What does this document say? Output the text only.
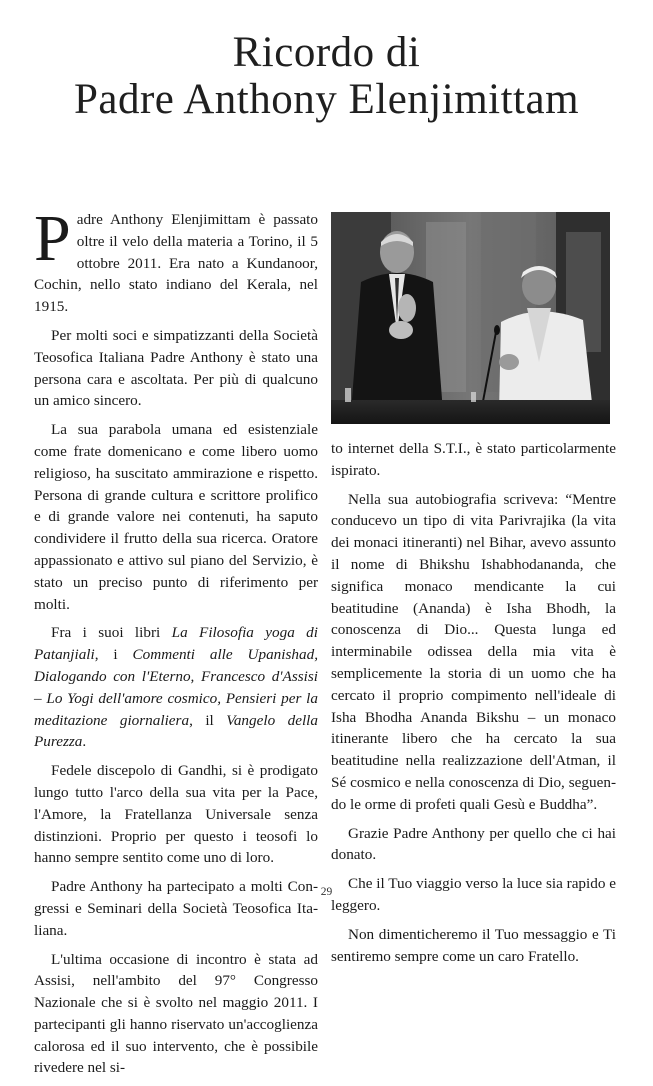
Ricordo di
Padre Anthony Elenjimittam

Padre Anthony Elenjimittam è passato oltre il velo della materia a Torino, il 5 ottobre 2011. Era nato a Kundanoor, Cochin, nello stato indiano del Kerala, nel 1915.

Per molti soci e simpatizzanti della Società Teosofica Italiana Padre Anthony è stato una persona cara e ascoltata. Per più di qualcuno un amico sincero.

La sua parabola umana ed esistenziale come frate domenicano e come libero uomo religioso, ha suscitato ammirazione e rispetto. Persona di grande cultura e scrittore prolifico e di grande valore nei contenuti, ha saputo condividere il frutto della sua ricerca. Oratore appassionato e attivo sul piano del Servizio, è stato un preciso punto di riferimento per molti.

Fra i suoi libri La Filosofia yoga di Patanjiali, i Commenti alle Upanishad, Dialogando con l'Eterno, Francesco d'Assisi – Lo Yogi dell'amore cosmico, Pensieri per la meditazione giornaliera, il Vangelo della Purezza.

Fedele discepolo di Gandhi, si è prodigato lungo tutto l'arco della sua vita per la Pace, l'Amore, la Fratellanza Universale senza distinzioni. Proprio per questo i teosofi lo hanno sempre sentito come uno di loro.

Padre Anthony ha partecipato a molti Congressi e Seminari della Società Teosofica Italiana.

L'ultima occasione di incontro è stata ad Assisi, nell'ambito del 97° Congresso Nazionale che si è svolto nel maggio 2011. I partecipanti gli hanno riservato un'accoglienza calorosa ed il suo intervento, che è possibile rivedere nel si-

to internet della S.T.I., è stato particolarmente ispirato.

Nella sua autobiografia scriveva: “Mentre conducevo un tipo di vita Parivrajika (la vita dei monaci itineranti) nel Bihar, avevo assunto il nome di Bhikshu Ishabhodananda, che significa monaco mendicante la cui beatitudine (Ananda) è Isha Bhodh, la conoscenza di Dio... Questa lunga ed interminabile odissea della mia vita è semplicemente la storia di un uomo che ha cercato il proprio compimento nell'ideale di Isha Bhodha Ananda Bikshu – un monaco itinerante libero che ha cercato la sua beatitudine nella realizzazione dell'Atman, il Sé cosmico e nella conoscenza di Dio, seguendo le orme di profeti quali Gesù e Buddha”.

Grazie Padre Anthony per quello che ci hai donato.

Che il Tuo viaggio verso la luce sia rapido e leggero.

Non dimenticheremo il Tuo messaggio e Ti sentiremo sempre come un caro Fratello.

29
